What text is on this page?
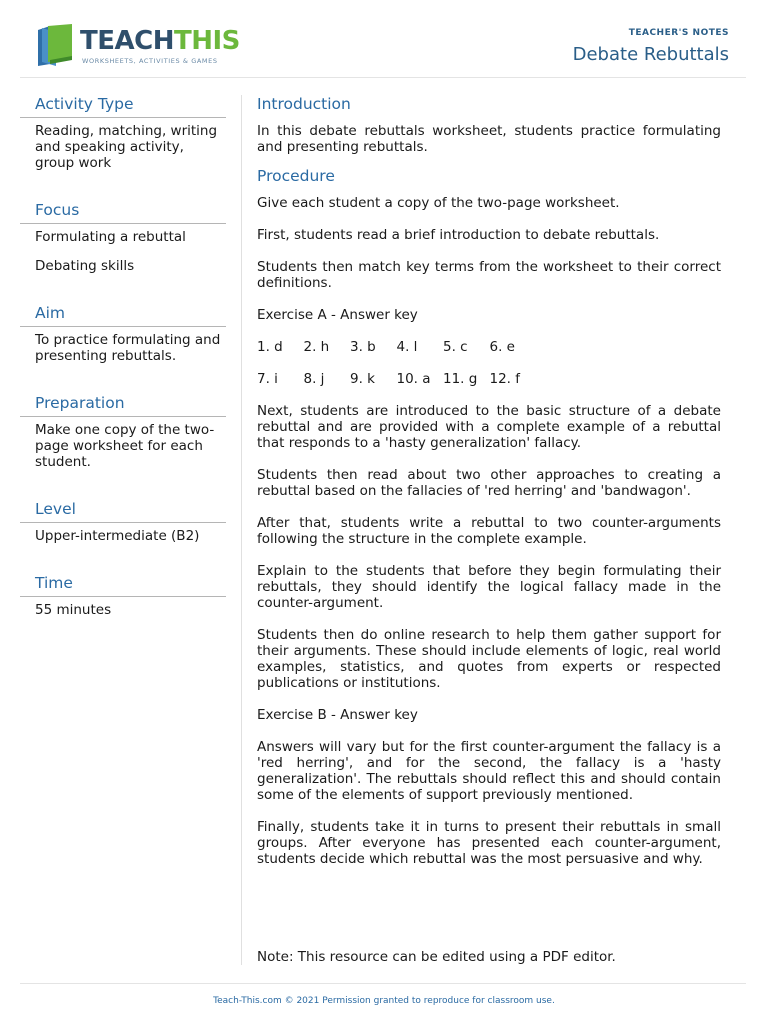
TEACHTHIS
WORKSHEETS, ACTIVITIES & GAMES
TEACHER'S NOTES
Debate Rebuttals
Activity Type

Reading, matching, writing and speaking activity, group work

Focus

Formulating a rebuttal

Debating skills

Aim

To practice formulating and presenting rebuttals.

Preparation

Make one copy of the two-page worksheet for each student.

Level

Upper-intermediate (B2)

Time

55 minutes

Introduction

In this debate rebuttals worksheet, students practice formulating and presenting rebuttals.

Procedure

Give each student a copy of the two-page worksheet.

First, students read a brief introduction to debate rebuttals.

Students then match key terms from the worksheet to their correct definitions.

Exercise A - Answer key

1. d	2. h	3. b	4. l	5. c	6. e
7. i	8. j	9. k	10. a 11. g 12. f

Next, students are introduced to the basic structure of a debate rebuttal and are provided with a complete example of a rebuttal that responds to a 'hasty generalization' fallacy.

Students then read about two other approaches to creating a rebuttal based on the fallacies of 'red herring' and 'bandwagon'.

After that, students write a rebuttal to two counter-arguments following the structure in the complete example.

Explain to the students that before they begin formulating their rebuttals, they should identify the logical fallacy made in the counter-argument.

Students then do online research to help them gather support for their arguments. These should include elements of logic, real world examples, statistics, and quotes from experts or respected publications or institutions.

Exercise B - Answer key

Answers will vary but for the first counter-argument the fallacy is a 'red herring', and for the second, the fallacy is a 'hasty generalization'. The rebuttals should reflect this and should contain some of the elements of support previously mentioned.

Finally, students take it in turns to present their rebuttals in small groups. After everyone has presented each counter-argument, students decide which rebuttal was the most persuasive and why.

Note: This resource can be edited using a PDF editor.

Teach-This.com © 2021 Permission granted to reproduce for classroom use.
